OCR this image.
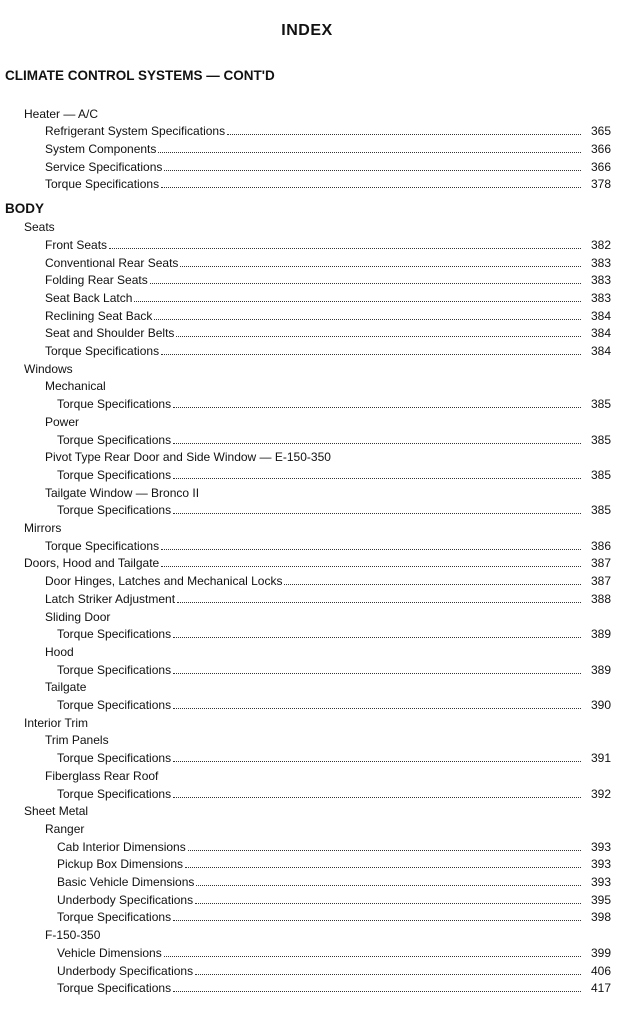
INDEX
CLIMATE CONTROL SYSTEMS — CONT'D
BODY
Heater — A/C
Refrigerant System Specifications	365
System Components	366
Service Specifications	366
Torque Specifications	378
Seats
Front Seats	382
Conventional Rear Seats	383
Folding Rear Seats	383
Seat Back Latch	383
Reclining Seat Back	384
Seat and Shoulder Belts	384
Torque Specifications	384
Windows
Mechanical
Torque Specifications	385
Power
Torque Specifications	385
Pivot Type Rear Door and Side Window — E-150-350
Torque Specifications	385
Tailgate Window — Bronco II
Torque Specifications	385
Mirrors
Torque Specifications	386
Doors, Hood and Tailgate	387
Door Hinges, Latches and Mechanical Locks	387
Latch Striker Adjustment	388
Sliding Door
Torque Specifications	389
Hood
Torque Specifications	389
Tailgate
Torque Specifications	390
Interior Trim
Trim Panels
Torque Specifications	391
Fiberglass Rear Roof
Torque Specifications	392
Sheet Metal
Ranger
Cab Interior Dimensions	393
Pickup Box Dimensions	393
Basic Vehicle Dimensions	393
Underbody Specifications	395
Torque Specifications	398
F-150-350
Vehicle Dimensions	399
Underbody Specifications	406
Torque Specifications	417
